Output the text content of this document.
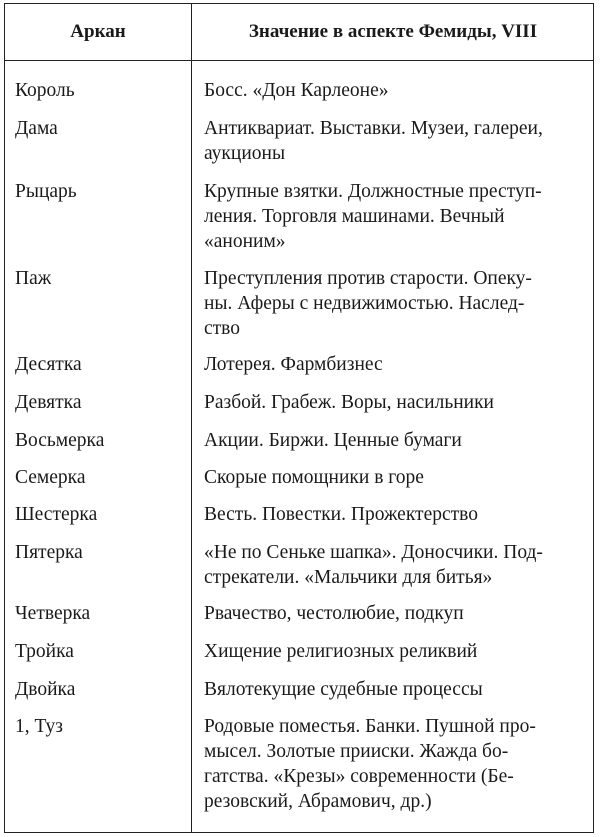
Аркан	Значение в аспекте Фемиды, VIII
Король	Босс. «Дон Карлеоне»
Дама	Антиквариат. Выставки. Музеи, галереи,
аукционы
Рыцарь	Крупные взятки. Должностные преступ-
ления. Торговля машинами. Вечный
«аноним»
Паж	Преступления против старости. Опеку-
ны. Аферы с недвижимостью. Наслед-
ство
Десятка	Лотерея. Фармбизнес
Девятка	Разбой. Грабеж. Воры, насильники
Восьмерка	Акции. Биржи. Ценные бумаги
Семерка	Скорые помощники в горе
Шестерка	Весть. Повестки. Прожектерство
Пятерка	«Не по Сеньке шапка». Доносчики. Под-
стрекатели. «Мальчики для битья»
Четверка	Рвачество, честолюбие, подкуп
Тройка	Хищение религиозных реликвий
Двойка	Вялотекущие судебные процессы
1, Туз	Родовые поместья. Банки. Пушной про-
мысел. Золотые прииски. Жажда бо-
гатства. «Крезы» современности (Бе-
резовский, Абрамович, др.)
